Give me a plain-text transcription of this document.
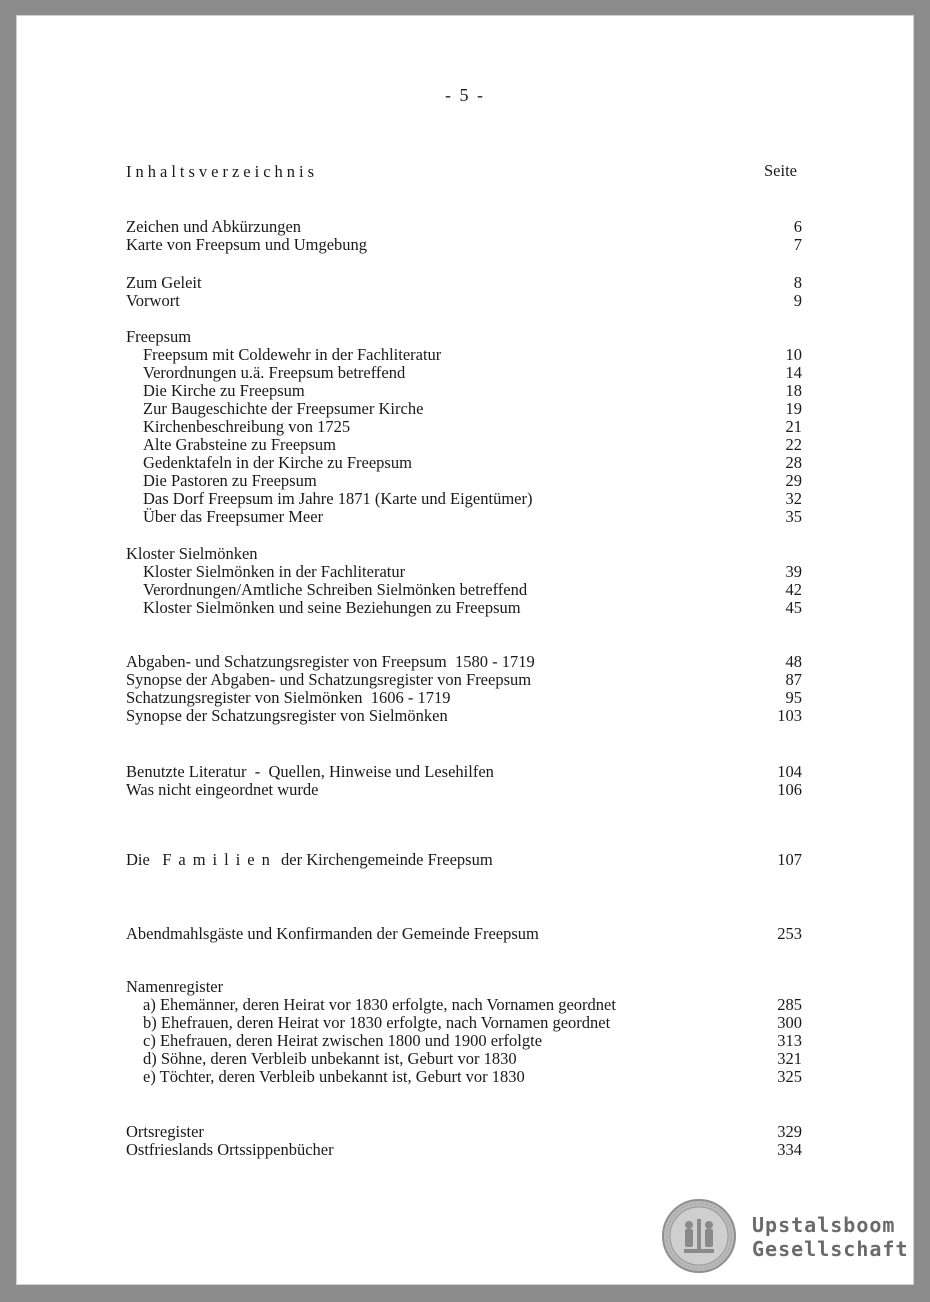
- 5 -
Inhaltsverzeichnis	Seite
Zeichen und Abkürzungen	6
Karte von Freepsum und Umgebung	7
Zum Geleit	8
Vorwort	9
Freepsum
Freepsum mit Coldewehr in der Fachliteratur	10
Verordnungen u.ä. Freepsum betreffend	14
Die Kirche zu Freepsum	18
Zur Baugeschichte der Freepsumer Kirche	19
Kirchenbeschreibung von 1725	21
Alte Grabsteine zu Freepsum	22
Gedenktafeln in der Kirche zu Freepsum	28
Die Pastoren zu Freepsum	29
Das Dorf Freepsum im Jahre 1871 (Karte und Eigentümer)	32
Über das Freepsumer Meer	35
Kloster Sielmönken
Kloster Sielmönken in der Fachliteratur	39
Verordnungen/Amtliche Schreiben Sielmönken betreffend	42
Kloster Sielmönken und seine Beziehungen zu Freepsum	45
Abgaben- und Schatzungsregister von Freepsum  1580 - 1719	48
Synopse der Abgaben- und Schatzungsregister von Freepsum	87
Schatzungsregister von Sielmönken  1606 - 1719	95
Synopse der Schatzungsregister von Sielmönken	103
Benutzte Literatur  -  Quellen, Hinweise und Lesehilfen	104
Was nicht eingeordnet wurde	106
Die Familien der Kirchengemeinde Freepsum	107
Abendmahlsgäste und Konfirmanden der Gemeinde Freepsum	253
Namenregister
a) Ehemänner, deren Heirat vor 1830 erfolgte, nach Vornamen geordnet	285
b) Ehefrauen, deren Heirat vor 1830 erfolgte, nach Vornamen geordnet	300
c) Ehefrauen, deren Heirat zwischen 1800 und 1900 erfolgte	313
d) Söhne, deren Verbleib unbekannt ist, Geburt vor 1830	321
e) Töchter, deren Verbleib unbekannt ist, Geburt vor 1830	325
Ortsregister	329
Ostfrieslands Ortssippenbücher	334
Upstalsboom
Gesellschaft
